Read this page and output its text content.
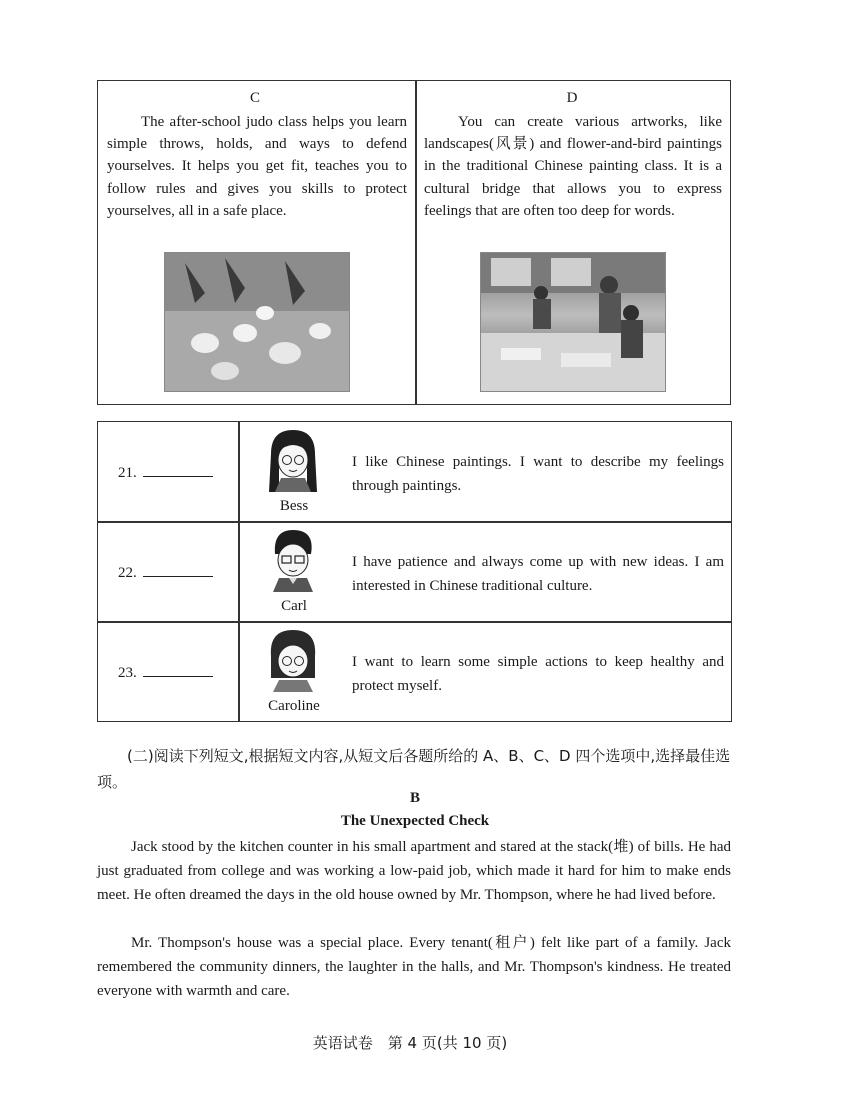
C
The after-school judo class helps you learn simple throws, holds, and ways to defend yourselves. It helps you get fit, teaches you to follow rules and gives you skills to protect yourselves, all in a safe place.
D
You can create various artworks, like landscapes(风景) and flower-and-bird paintings in the traditional Chinese painting class. It is a cultural bridge that allows you to express feelings that are often too deep for words.
21.
Bess
I like Chinese paintings. I want to describe my feelings through paintings.
22.
Carl
I have patience and always come up with new ideas. I am interested in Chinese traditional culture.
23.
Caroline
I want to learn some simple actions to keep healthy and protect myself.
(二)阅读下列短文,根据短文内容,从短文后各题所给的 A、B、C、D 四个选项中,选择最佳选项。
B
The Unexpected Check
Jack stood by the kitchen counter in his small apartment and stared at the stack(堆) of bills. He had just graduated from college and was working a low-paid job, which made it hard for him to make ends meet. He often dreamed the days in the old house owned by Mr. Thompson, where he had lived before.
Mr. Thompson's house was a special place. Every tenant(租户) felt like part of a family. Jack remembered the community dinners, the laughter in the halls, and Mr. Thompson's kindness. He treated everyone with warmth and care.
英语试卷　第 4 页(共 10 页)
